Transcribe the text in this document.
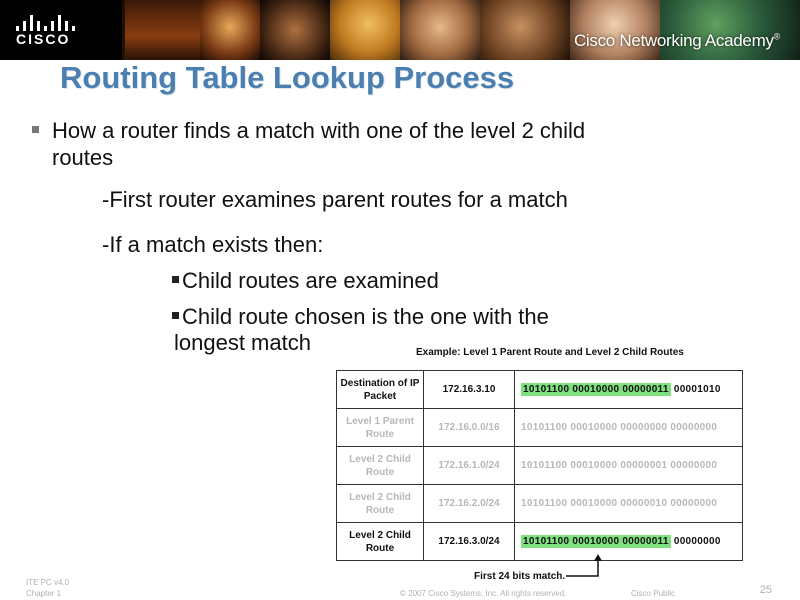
CISCO	Cisco Networking Academy®
Routing Table Lookup Process
How a router finds a match with one of the level 2 child
routes
-First router examines parent routes for a match
-If a match exists then:
Child routes are examined
Child route chosen is the one with the
longest match	Example: Level 1 Parent Route and Level 2 Child Routes
Destination of IP Packet	172.16.3.10	10101100 00010000 00000011 00001010
Level 1 Parent Route	172.16.0.0/16	10101100 00010000 00000000 00000000
Level 2 Child Route	172.16.1.0/24	10101100 00010000 00000001 00000000
Level 2 Child Route	172.16.2.0/24	10101100 00010000 00000010 00000000
Level 2 Child Route	172.16.3.0/24	10101100 00010000 00000011 00000000
First 24 bits match.
ITE PC v4.0
Chapter 1	© 2007 Cisco Systems, Inc. All rights reserved.	Cisco Public	25
